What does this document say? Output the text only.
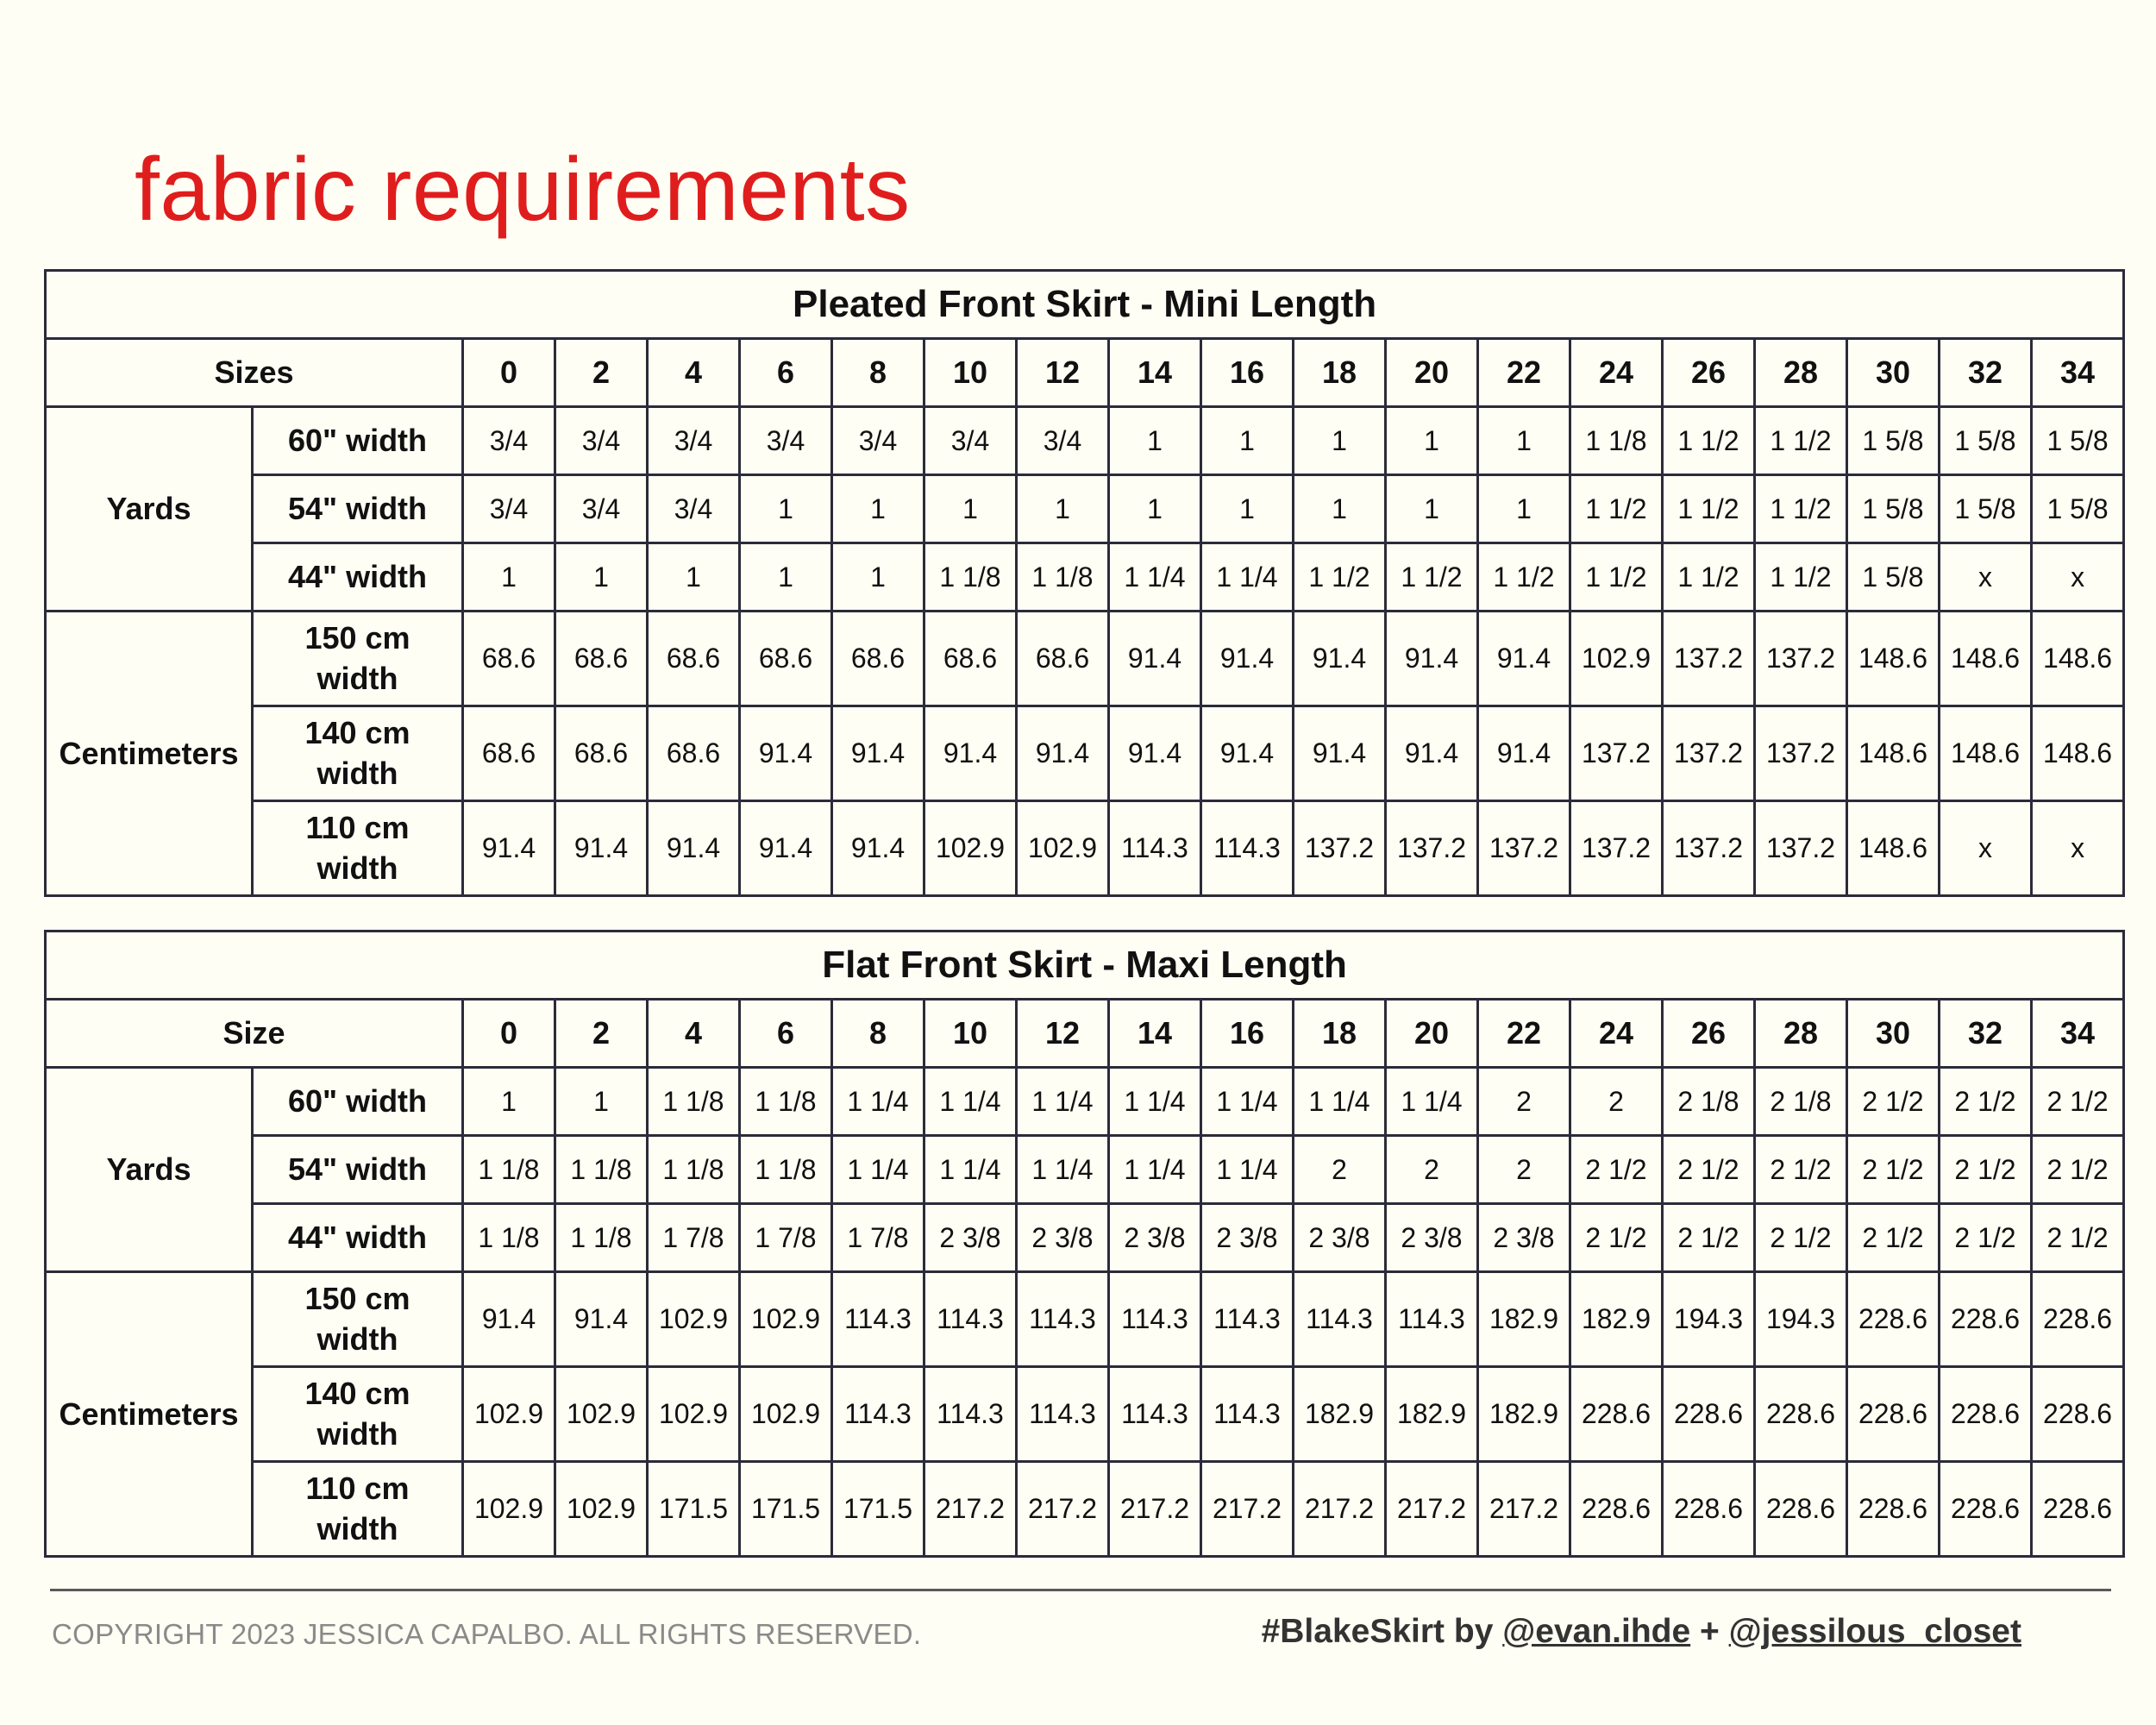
fabric requirements
Pleated Front Skirt - Mini Length																			
Sizes		0	2	4	6	8	10	12	14	16	18	20	22	24	26	28	30	32	34
Yards	60" width	3/4	3/4	3/4	3/4	3/4	3/4	3/4	1	1	1	1	1	1 1/8	1 1/2	1 1/2	1 5/8	1 5/8	1 5/8
	54" width	3/4	3/4	3/4	1	1	1	1	1	1	1	1	1	1 1/2	1 1/2	1 1/2	1 5/8	1 5/8	1 5/8
	44" width	1	1	1	1	1	1 1/8	1 1/8	1 1/4	1 1/4	1 1/2	1 1/2	1 1/2	1 1/2	1 1/2	1 1/2	1 5/8	x	x
Centimeters	150 cm
width	68.6	68.6	68.6	68.6	68.6	68.6	68.6	91.4	91.4	91.4	91.4	91.4	102.9	137.2	137.2	148.6	148.6	148.6

	140 cm
width	68.6	68.6	68.6	91.4	91.4	91.4	91.4	91.4	91.4	91.4	91.4	91.4	137.2	137.2	137.2	148.6	148.6	148.6

	110 cm
width	91.4	91.4	91.4	91.4	91.4	102.9	102.9	114.3	114.3	137.2	137.2	137.2	137.2	137.2	137.2	148.6	x	x
Flat Front Skirt - Maxi Length																			
Size		0	2	4	6	8	10	12	14	16	18	20	22	24	26	28	30	32	34
Yards	60" width	1	1	1 1/8	1 1/8	1 1/4	1 1/4	1 1/4	1 1/4	1 1/4	1 1/4	1 1/4	2	2	2 1/8	2 1/8	2 1/2	2 1/2	2 1/2
	54" width	1 1/8	1 1/8	1 1/8	1 1/8	1 1/4	1 1/4	1 1/4	1 1/4	1 1/4	2	2	2	2 1/2	2 1/2	2 1/2	2 1/2	2 1/2	2 1/2
	44" width	1 1/8	1 1/8	1 7/8	1 7/8	1 7/8	2 3/8	2 3/8	2 3/8	2 3/8	2 3/8	2 3/8	2 3/8	2 1/2	2 1/2	2 1/2	2 1/2	2 1/2	2 1/2
Centimeters	150 cm
width	91.4	91.4	102.9	102.9	114.3	114.3	114.3	114.3	114.3	114.3	114.3	182.9	182.9	194.3	194.3	228.6	228.6	228.6

	140 cm
width	102.9	102.9	102.9	102.9	114.3	114.3	114.3	114.3	114.3	182.9	182.9	182.9	228.6	228.6	228.6	228.6	228.6	228.6

	110 cm
width	102.9	102.9	171.5	171.5	171.5	217.2	217.2	217.2	217.2	217.2	217.2	217.2	228.6	228.6	228.6	228.6	228.6	228.6
COPYRIGHT 2023 JESSICA CAPALBO. ALL RIGHTS RESERVED.	#BlakeSkirt by @evan.ihde + @jessilous_closet
